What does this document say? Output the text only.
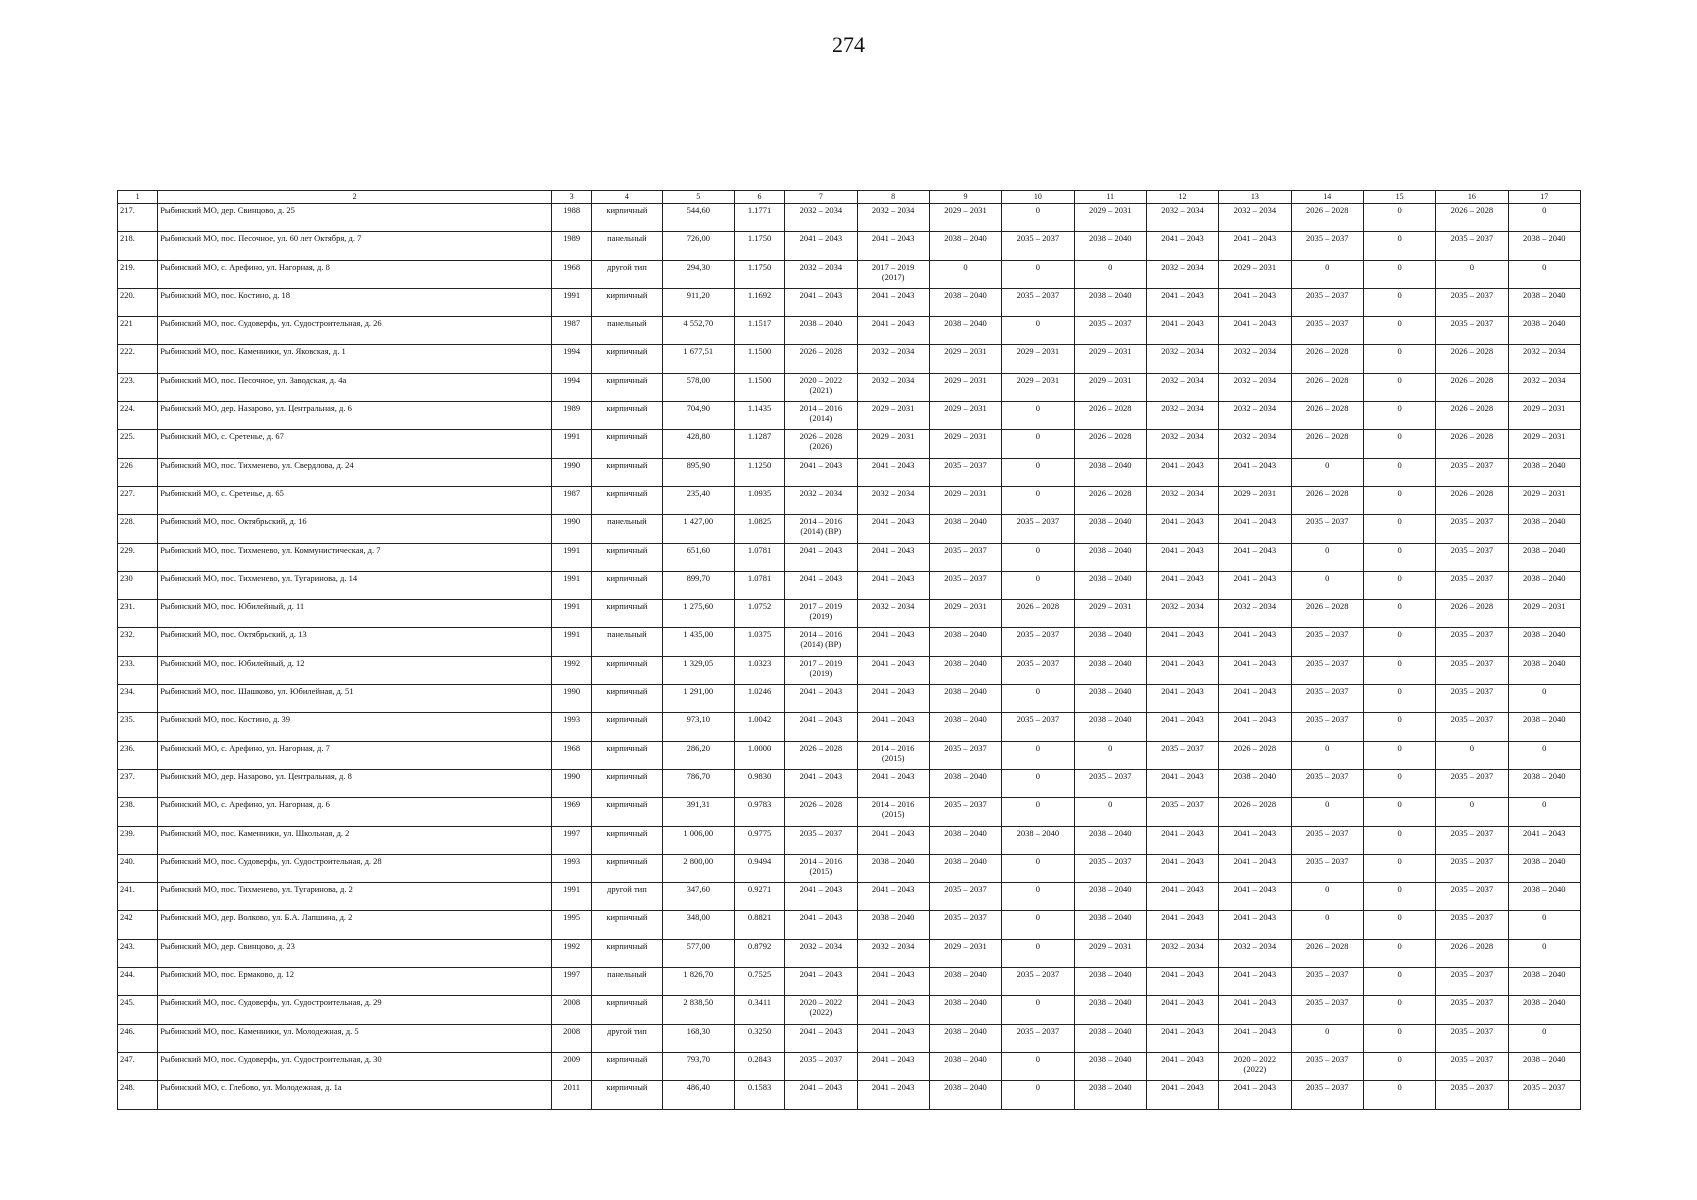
274
1	2	3	4	5	6	7	8	9	10	11	12	13	14	15	16	17
217.	Рыбинский МО, дер. Свинцово, д. 25	1988	кирпичный	544,60	1.1771	2032 – 2034	2032 – 2034	2029 – 2031	0	2029 – 2031	2032 – 2034	2032 – 2034	2026 – 2028	0	2026 – 2028	0
218.	Рыбинский МО, пос. Песочное, ул. 60 лет Октября, д. 7	1989	панельный	726,00	1.1750	2041 – 2043	2041 – 2043	2038 – 2040	2035 – 2037	2038 – 2040	2041 – 2043	2041 – 2043	2035 – 2037	0	2035 – 2037	2038 – 2040
219.	Рыбинский МО, с. Арефино, ул. Нагорная, д. 8	1968	другой тип	294,30	1.1750	2032 – 2034	2017 – 2019
(2017)	0	0	0	2032 – 2034	2029 – 2031	0	0	0	0
220.	Рыбинский МО, пос. Костино, д. 18	1991	кирпичный	911,20	1.1692	2041 – 2043	2041 – 2043	2038 – 2040	2035 – 2037	2038 – 2040	2041 – 2043	2041 – 2043	2035 – 2037	0	2035 – 2037	2038 – 2040
221	Рыбинский МО, пос. Судоверфь, ул. Судостроительная, д. 26	1987	панельный	4 552,70	1.1517	2038 – 2040	2041 – 2043	2038 – 2040	0	2035 – 2037	2041 – 2043	2041 – 2043	2035 – 2037	0	2035 – 2037	2038 – 2040
222.	Рыбинский МО, пос. Каменники, ул. Яковская, д. 1	1994	кирпичный	1 677,51	1.1500	2026 – 2028	2032 – 2034	2029 – 2031	2029 – 2031	2029 – 2031	2032 – 2034	2032 – 2034	2026 – 2028	0	2026 – 2028	2032 – 2034
223.	Рыбинский МО, пос. Песочное, ул. Заводская, д. 4а	1994	кирпичный	578,00	1.1500	2020 – 2022
(2021)	2032 – 2034	2029 – 2031	2029 – 2031	2029 – 2031	2032 – 2034	2032 – 2034	2026 – 2028	0	2026 – 2028	2032 – 2034
224.	Рыбинский МО, дер. Назарово, ул. Центральная, д. 6	1989	кирпичный	704,90	1.1435	2014 – 2016
(2014)	2029 – 2031	2029 – 2031	0	2026 – 2028	2032 – 2034	2032 – 2034	2026 – 2028	0	2026 – 2028	2029 – 2031
225.	Рыбинский МО, с. Сретенье, д. 67	1991	кирпичный	428,80	1.1287	2026 – 2028
(2026)	2029 – 2031	2029 – 2031	0	2026 – 2028	2032 – 2034	2032 – 2034	2026 – 2028	0	2026 – 2028	2029 – 2031
226	Рыбинский МО, пос. Тихменево, ул. Свердлова, д. 24	1990	кирпичный	895,90	1.1250	2041 – 2043	2041 – 2043	2035 – 2037	0	2038 – 2040	2041 – 2043	2041 – 2043	0	0	2035 – 2037	2038 – 2040
227.	Рыбинский МО, с. Сретенье, д. 65	1987	кирпичный	235,40	1.0935	2032 – 2034	2032 – 2034	2029 – 2031	0	2026 – 2028	2032 – 2034	2029 – 2031	2026 – 2028	0	2026 – 2028	2029 – 2031
228.	Рыбинский МО, пос. Октябрьский, д. 16	1990	панельный	1 427,00	1.0825	2014 – 2016
(2014) (ВР)	2041 – 2043	2038 – 2040	2035 – 2037	2038 – 2040	2041 – 2043	2041 – 2043	2035 – 2037	0	2035 – 2037	2038 – 2040
229.	Рыбинский МО, пос. Тихменево, ул. Коммунистическая, д. 7	1991	кирпичный	651,60	1.0781	2041 – 2043	2041 – 2043	2035 – 2037	0	2038 – 2040	2041 – 2043	2041 – 2043	0	0	2035 – 2037	2038 – 2040
230	Рыбинский МО, пос. Тихменево, ул. Тугаринова, д. 14	1991	кирпичный	899,70	1.0781	2041 – 2043	2041 – 2043	2035 – 2037	0	2038 – 2040	2041 – 2043	2041 – 2043	0	0	2035 – 2037	2038 – 2040
231.	Рыбинский МО, пос. Юбилейный, д. 11	1991	кирпичный	1 275,60	1.0752	2017 – 2019
(2019)	2032 – 2034	2029 – 2031	2026 – 2028	2029 – 2031	2032 – 2034	2032 – 2034	2026 – 2028	0	2026 – 2028	2029 – 2031
232.	Рыбинский МО, пос. Октябрьский, д. 13	1991	панельный	1 435,00	1.0375	2014 – 2016
(2014) (ВР)	2041 – 2043	2038 – 2040	2035 – 2037	2038 – 2040	2041 – 2043	2041 – 2043	2035 – 2037	0	2035 – 2037	2038 – 2040
233.	Рыбинский МО, пос. Юбилейный, д. 12	1992	кирпичный	1 329,05	1.0323	2017 – 2019
(2019)	2041 – 2043	2038 – 2040	2035 – 2037	2038 – 2040	2041 – 2043	2041 – 2043	2035 – 2037	0	2035 – 2037	2038 – 2040
234.	Рыбинский МО, пос. Шашково, ул. Юбилейная, д. 51	1990	кирпичный	1 291,00	1.0246	2041 – 2043	2041 – 2043	2038 – 2040	0	2038 – 2040	2041 – 2043	2041 – 2043	2035 – 2037	0	2035 – 2037	0
235.	Рыбинский МО, пос. Костино, д. 39	1993	кирпичный	973,10	1.0042	2041 – 2043	2041 – 2043	2038 – 2040	2035 – 2037	2038 – 2040	2041 – 2043	2041 – 2043	2035 – 2037	0	2035 – 2037	2038 – 2040
236.	Рыбинский МО, с. Арефино, ул. Нагорная, д. 7	1968	кирпичный	286,20	1.0000	2026 – 2028	2014 – 2016
(2015)	2035 – 2037	0	0	2035 – 2037	2026 – 2028	0	0	0	0
237.	Рыбинский МО, дер. Назарово, ул. Центральная, д. 8	1990	кирпичный	786,70	0.9830	2041 – 2043	2041 – 2043	2038 – 2040	0	2035 – 2037	2041 – 2043	2038 – 2040	2035 – 2037	0	2035 – 2037	2038 – 2040
238.	Рыбинский МО, с. Арефино, ул. Нагорная, д. 6	1969	кирпичный	391,31	0.9783	2026 – 2028	2014 – 2016
(2015)	2035 – 2037	0	0	2035 – 2037	2026 – 2028	0	0	0	0
239.	Рыбинский МО, пос. Каменники, ул. Школьная, д. 2	1997	кирпичный	1 006,00	0.9775	2035 – 2037	2041 – 2043	2038 – 2040	2038 – 2040	2038 – 2040	2041 – 2043	2041 – 2043	2035 – 2037	0	2035 – 2037	2041 – 2043
240.	Рыбинский МО, пос. Судоверфь, ул. Судостроительная, д. 28	1993	кирпичный	2 800,00	0.9494	2014 – 2016
(2015)	2038 – 2040	2038 – 2040	0	2035 – 2037	2041 – 2043	2041 – 2043	2035 – 2037	0	2035 – 2037	2038 – 2040
241.	Рыбинский МО, пос. Тихменево, ул. Тугаринова, д. 2	1991	другой тип	347,60	0.9271	2041 – 2043	2041 – 2043	2035 – 2037	0	2038 – 2040	2041 – 2043	2041 – 2043	0	0	2035 – 2037	2038 – 2040
242	Рыбинский МО, дер. Волково, ул. Б.А. Лапшина, д. 2	1995	кирпичный	348,00	0.8821	2041 – 2043	2038 – 2040	2035 – 2037	0	2038 – 2040	2041 – 2043	2041 – 2043	0	0	2035 – 2037	0
243.	Рыбинский МО, дер. Свинцово, д. 23	1992	кирпичный	577,00	0.8792	2032 – 2034	2032 – 2034	2029 – 2031	0	2029 – 2031	2032 – 2034	2032 – 2034	2026 – 2028	0	2026 – 2028	0
244.	Рыбинский МО, пос. Ермаково, д. 12	1997	панельный	1 826,70	0.7525	2041 – 2043	2041 – 2043	2038 – 2040	2035 – 2037	2038 – 2040	2041 – 2043	2041 – 2043	2035 – 2037	0	2035 – 2037	2038 – 2040
245.	Рыбинский МО, пос. Судоверфь, ул. Судостроительная, д. 29	2008	кирпичный	2 838,50	0.3411	2020 – 2022
(2022)	2041 – 2043	2038 – 2040	0	2038 – 2040	2041 – 2043	2041 – 2043	2035 – 2037	0	2035 – 2037	2038 – 2040
246.	Рыбинский МО, пос. Каменники, ул. Молодежная, д. 5	2008	другой тип	168,30	0.3250	2041 – 2043	2041 – 2043	2038 – 2040	2035 – 2037	2038 – 2040	2041 – 2043	2041 – 2043	0	0	2035 – 2037	0
247.	Рыбинский МО, пос. Судоверфь, ул. Судостроительная, д. 30	2009	кирпичный	793,70	0.2843	2035 – 2037	2041 – 2043	2038 – 2040	0	2038 – 2040	2041 – 2043	2020 – 2022
(2022)	2035 – 2037	0	2035 – 2037	2038 – 2040
248.	Рыбинский МО, с. Глебово, ул. Молодежная, д. 1а	2011	кирпичный	486,40	0.1583	2041 – 2043	2041 – 2043	2038 – 2040	0	2038 – 2040	2041 – 2043	2041 – 2043	2035 – 2037	0	2035 – 2037	2035 – 2037
